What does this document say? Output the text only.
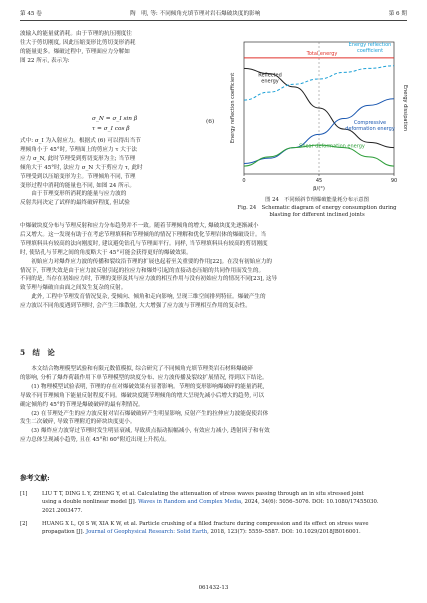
第 45 卷	陶　明, 等: 不同倾角充填节理对岩石爆破块度的影响	第 6 期
波输入的能量就消耗。由于节理的抗压刚度往
往大于剪切刚度, 因此压缩变形比剪切变形消耗
的能量更多。爆破过程中, 节理面应力分解如
图 22 所示, 表示为:
σ_N = σ_I sin β
τ = σ_I cos β
(6)
式中: σ_I 为入射应力。根据式 (6) 可以得出当节
理倾角小于 45°时, 节理面上的剪应力 τ 大于法
应力 σ_N, 此时节理受到剪切变形为主; 当节理
倾角大于 45°时, 法应力 σ_N 大于剪应力 τ, 此时
节理受到以压缩变形为主。节理倾角不同, 节理
变形过程中消耗的能量也不同, 如图 24 所示。
　　由于节理变形所消耗的能量与应力波的
反射共同决定了试样的最终破碎程度, 但试验
Total energy
Reflected energy
Energy reflection coefficient
Compressive deformation energy
Shear deformation energy
0	45	90
β/(°)
Energy reflection coefficient	Energy dissipation
图 24　不同倾斜节理爆破能量耗分布示意图
Fig. 24　Schematic diagram of energy consumption during
blasting for different inclined joints
中爆破块度分布与节理反射和应力分布趋势并不一致。随着节理倾角的增大, 爆破块度先逐渐减小
后又增大。这一发现有助于在考虑节理填料和节理倾角的情况下理解和优化节理岩体的爆破设计。当
节理填料具有较高的法向刚度时, 建议避免钻孔与节理面平行。同样, 当节理填料具有较高的剪切刚度
时, 使钻孔与节理之间的角度略大于 45°可能会获得更好的爆破效果。
　　初始应力对爆炸应力波的传播和裂纹沿节理的扩展也起着至关重要的作用[22]。在没有初始应力的
情况下, 节理失效是由于应力波反射引起的拉应力和爆炸引起的直接动态压缩的共同作用而发生的。
不同的是, 当存在初始应力时, 节理的变形及其与应力波的相互作用与没有初始应力的情况不同[23], 这导
致节理与爆破自由面之间发生复杂的反射。
　　此外, 工程中节理发育情况复杂, 受倾向、倾角和走向影响, 呈现三维空间排列特征。爆破产生的
应力波以不同角度遇到节理时, 会产生三维散射, 大大增强了应力波与节理相互作用的复杂性。
5　结　论
　　本文结合物理模型试验和有限元数值模拟, 综合研究了不同倾角充填节理类岩石材料爆破碎
的影响, 分析了爆炸荷载作用下单节理模型的块度分布、应力波传播及裂纹扩展情况, 得到以下结论。
　　(1) 物理模型试验表明, 节理的存在对爆破效果有显著影响。节理的变形影响爆破碎的能量消耗,
导致不同节理倾角下能量反射程度不同。爆破块度随节理倾角的增大呈现先减小后增大的趋势, 可以
确定倾角约 45°的节理是爆破破碎的最有利情况。
　　(2) 在节理处产生的应力波反射对岩石爆破破碎产生明显影响, 反射产生的拉伸应力波能促使岩体
发生二次破碎, 导致节理附近的碎块块度更小。
　　(3) 爆炸应力波穿过节理时发生明显衰减, 导致质点振动振幅减小, 有效应力减小, 透射因子和有效
应力总体呈现减小趋势, 且在 45°和 60°附近出现上升拐点。
参考文献:
[1]	LIU T T, DING L Y, ZHENG Y, et al. Calculating the attenuation of stress waves passing through an in situ stressed joint
using a double nonlinear model [J]. Waves in Random and Complex Media, 2024, 34(6): 5056–5076. DOI: 10.1080/17455030.
2021.2003477.
[2]	HUANG X L, QI S W, XIA K W, et al. Particle crushing of a filled fracture during compression and its effect on stress wave
propagation [J]. Journal of Geophysical Research: Solid Earth, 2018, 123(7): 5559–5587. DOI: 10.1029/2018JB016001.
061432-13
